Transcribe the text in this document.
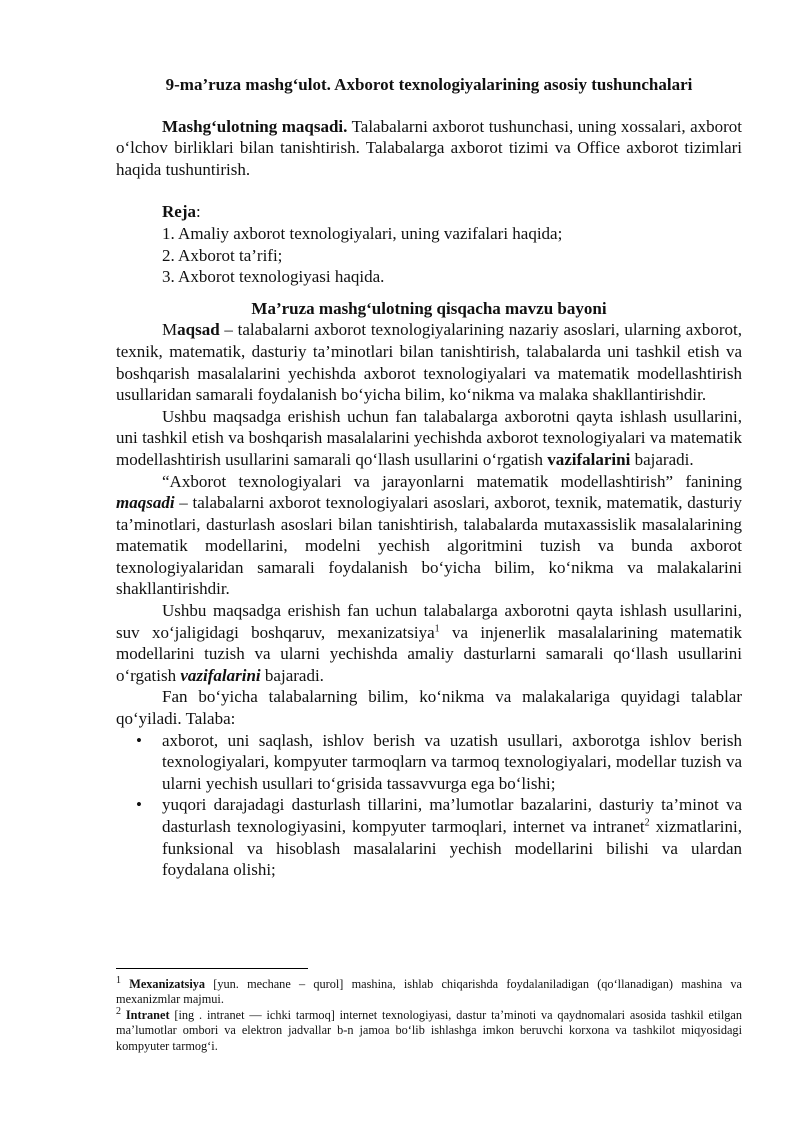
9-ma’ruza mashg‘ulot. Axborot texnologiyalarining asosiy tushunchalari

Mashg‘ulotning maqsadi. Talabalarni axborot tushunchasi, uning xossalari, axborot o‘lchov birliklari bilan tanishtirish. Talabalarga axborot tizimi va Office axborot tizimlari haqida tushuntirish.

Reja:
1. Amaliy axborot texnologiyalari, uning vazifalari haqida;
2. Axborot ta’rifi;
3. Axborot texnologiyasi haqida.
Ma’ruza mashg‘ulotning qisqacha mavzu bayoni

Maqsad – talabalarni axborot texnologiyalarining nazariy asoslari, ularning axborot, texnik, matematik, dasturiy ta’minotlari bilan tanishtirish, talabalarda uni tashkil etish va boshqarish masalalarini yechishda axborot texnologiyalari va matematik modellashtirish usullaridan samarali foydalanish bo‘yicha bilim, ko‘nikma va malaka shakllantirishdir.

Ushbu maqsadga erishish uchun fan talabalarga axborotni qayta ishlash usullarini, uni tashkil etish va boshqarish masalalarini yechishda axborot texnologiyalari va matematik modellashtirish usullarini samarali qo‘llash usullarini o‘rgatish vazifalarini bajaradi.

“Axborot texnologiyalari va jarayonlarni matematik modellashtirish” fanining maqsadi – talabalarni axborot texnologiyalari asoslari, axborot, texnik, matematik, dasturiy ta’minotlari, dasturlash asoslari bilan tanishtirish, talabalarda mutaxassislik masalalarining matematik modellarini, modelni yechish algoritmini tuzish va bunda axborot texnologiyalaridan samarali foydalanish bo‘yicha bilim, ko‘nikma va malakalarini shakllantirishdir.

Ushbu maqsadga erishish fan uchun talabalarga axborotni qayta ishlash usullarini, suv xo‘jaligidagi boshqaruv, mexanizatsiya$^1$ va injenerlik masalalarining matematik modellarini tuzish va ularni yechishda amaliy dasturlarni samarali qo‘llash usullarini o‘rgatish vazifalarini bajaradi.

Fan bo‘yicha talabalarning bilim, ko‘nikma va malakalariga quyidagi talablar qo‘yiladi. Talaba:

• axborot, uni saqlash, ishlov berish va uzatish usullari, axborotga ishlov berish texnologiyalari, kompyuter tarmoqlarn va tarmoq texnologiyalari, modellar tuzish va ularni yechish usullari to‘grisida tassavvurga ega bo‘lishi;
• yuqori darajadagi dasturlash tillarini, ma’lumotlar bazalarini, dasturiy ta’minot va dasturlash texnologiyasini, kompyuter tarmoqlari, internet va intranet$^2$ xizmatlarini, funksional va hisoblash masalalarini yechish modellarini bilishi va ulardan foydalana olishi;

$^1$ Mexanizatsiya [yun. mechane – qurol] mashina, ishlab chiqarishda foydalaniladigan (qo‘llanadigan) mashina va mexanizmlar majmui.

$^2$ Intranet [ing . intranet — ichki tarmoq] internet texnologiyasi, dastur ta’minoti va qaydnomalari asosida tashkil etilgan ma’lumotlar ombori va elektron jadvallar b-n jamoa bo‘lib ishlashga imkon beruvchi korxona va tashkilot miqyosidagi kompyuter tarmog‘i.
